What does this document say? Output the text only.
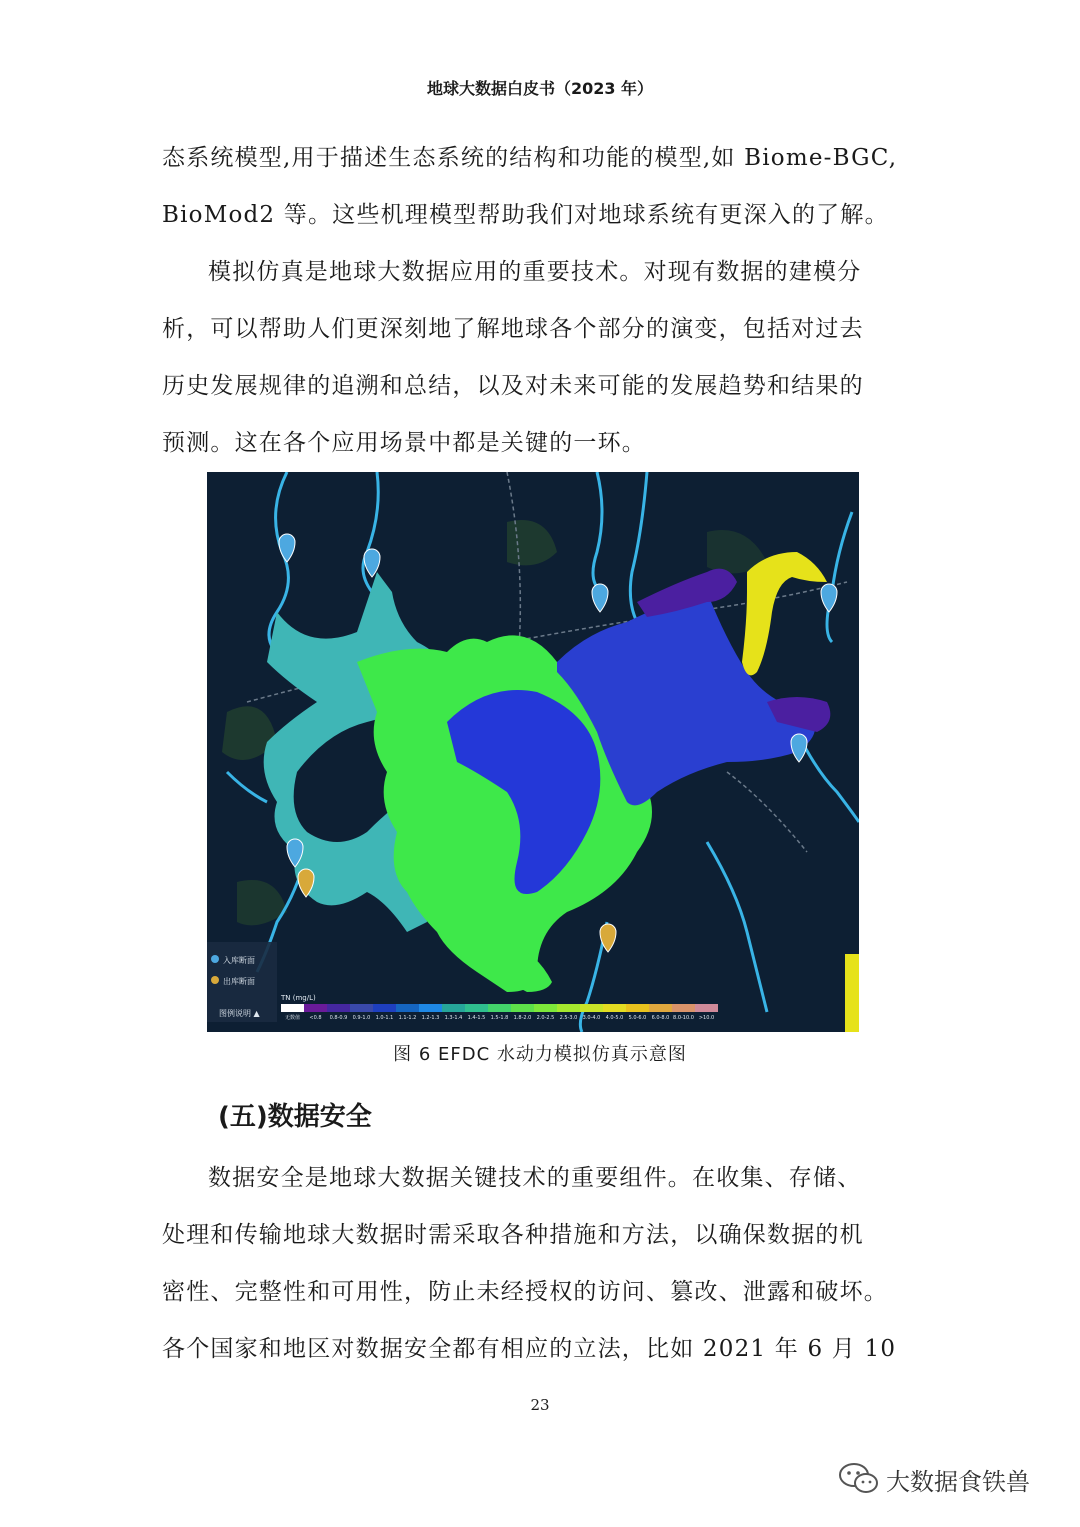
地球大数据白皮书（2023 年）

态系统模型,用于描述生态系统的结构和功能的模型,如 Biome-BGC,
BioMod2 等。这些机理模型帮助我们对地球系统有更深入的了解。

模拟仿真是地球大数据应用的重要技术。对现有数据的建模分
析，可以帮助人们更深刻地了解地球各个部分的演变，包括对过去
历史发展规律的追溯和总结，以及对未来可能的发展趋势和结果的
预测。这在各个应用场景中都是关键的一环。

入库断面
出库断面
图例说明 ▲
TN (mg/L)
无数值 <0.8 0.8-0.9 0.9-1.0 1.0-1.1 1.1-1.2 1.2-1.3 1.3-1.4 1.4-1.5 1.5-1.8 1.8-2.0 2.0-2.5 2.5-3.0 3.0-4.0 4.0-5.0 5.0-6.0 6.0-8.0 8.0-10.0 >10.0
图 6 EFDC 水动力模拟仿真示意图
(五)数据安全

数据安全是地球大数据关键技术的重要组件。在收集、存储、
处理和传输地球大数据时需采取各种措施和方法，以确保数据的机
密性、完整性和可用性，防止未经授权的访问、篡改、泄露和破坏。
各个国家和地区对数据安全都有相应的立法，比如 2021 年 6 月 10

23
大数据食铁兽
